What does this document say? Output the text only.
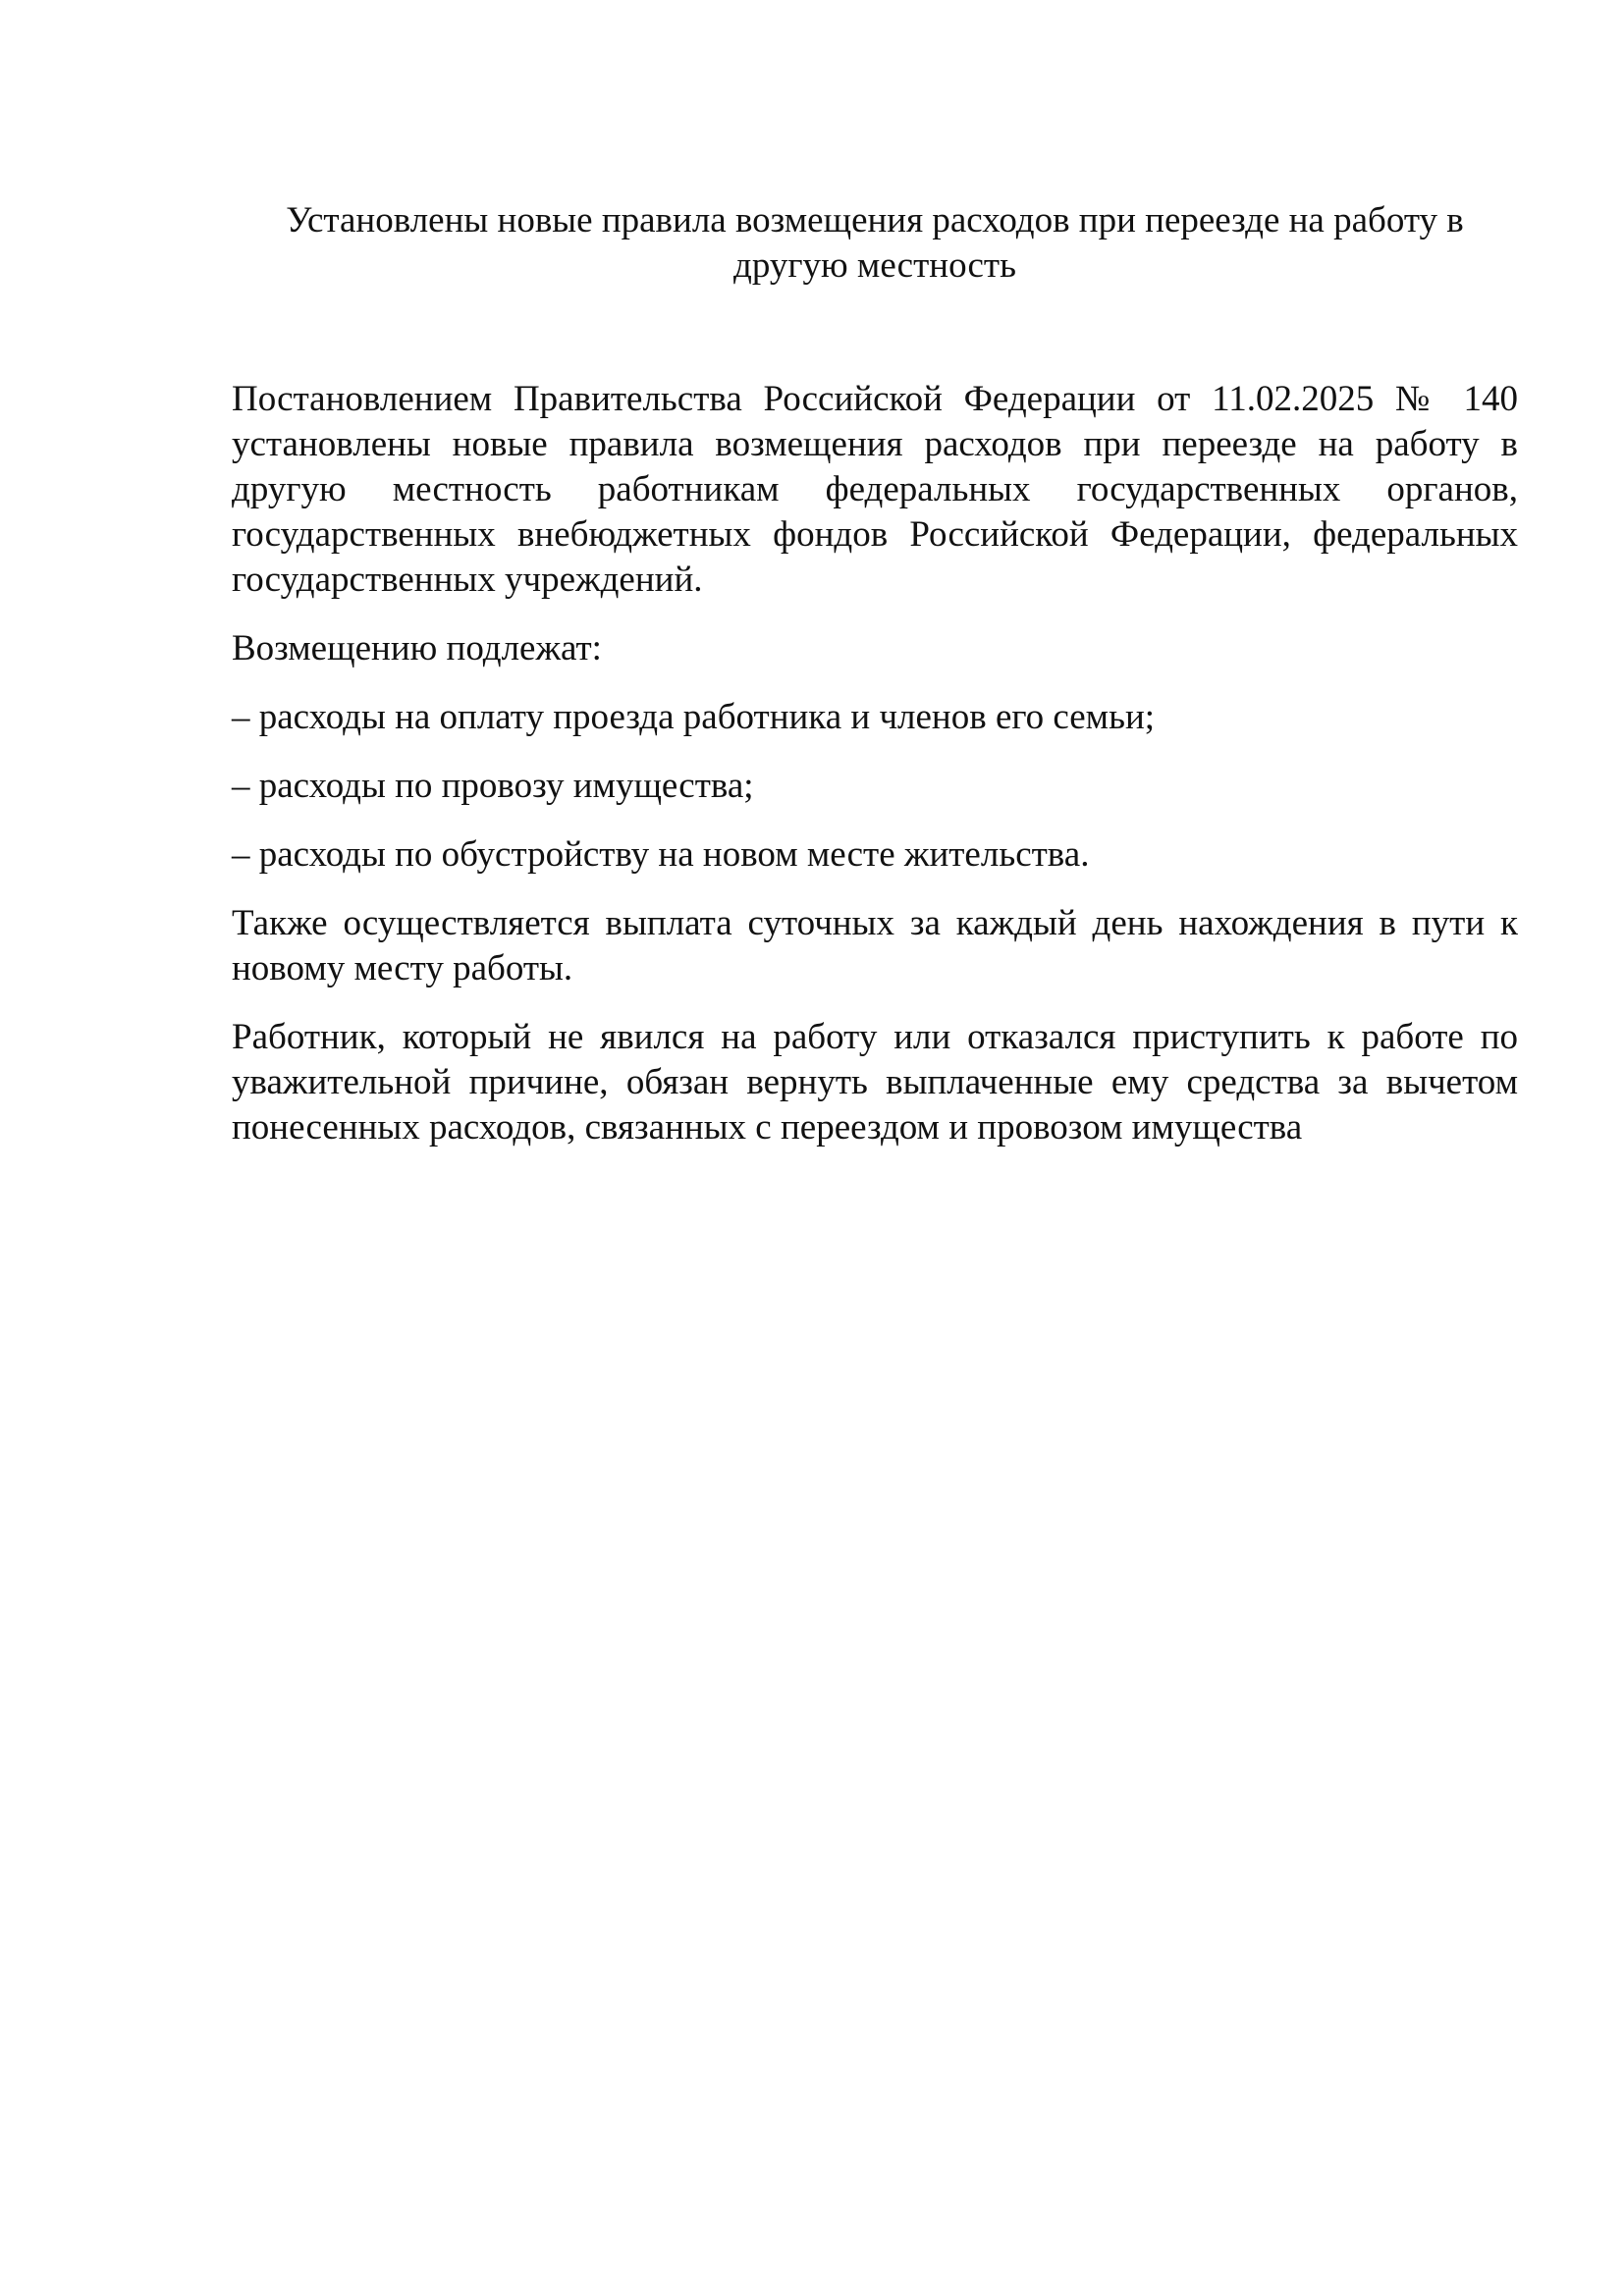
Установлены новые правила возмещения расходов при переезде на работу в другую местность

Постановлением Правительства Российской Федерации от 11.02.2025 № 140 установлены новые правила возмещения расходов при переезде на работу в другую местность работникам федеральных государственных органов, государственных внебюджетных фондов Российской Федерации, федеральных государственных учреждений.

Возмещению подлежат:

– расходы на оплату проезда работника и членов его семьи;

– расходы по провозу имущества;

– расходы по обустройству на новом месте жительства.

Также осуществляется выплата суточных за каждый день нахождения в пути к новому месту работы.

Работник, который не явился на работу или отказался приступить к работе по уважительной причине, обязан вернуть выплаченные ему средства за вычетом понесенных расходов, связанных с переездом и провозом имущества
